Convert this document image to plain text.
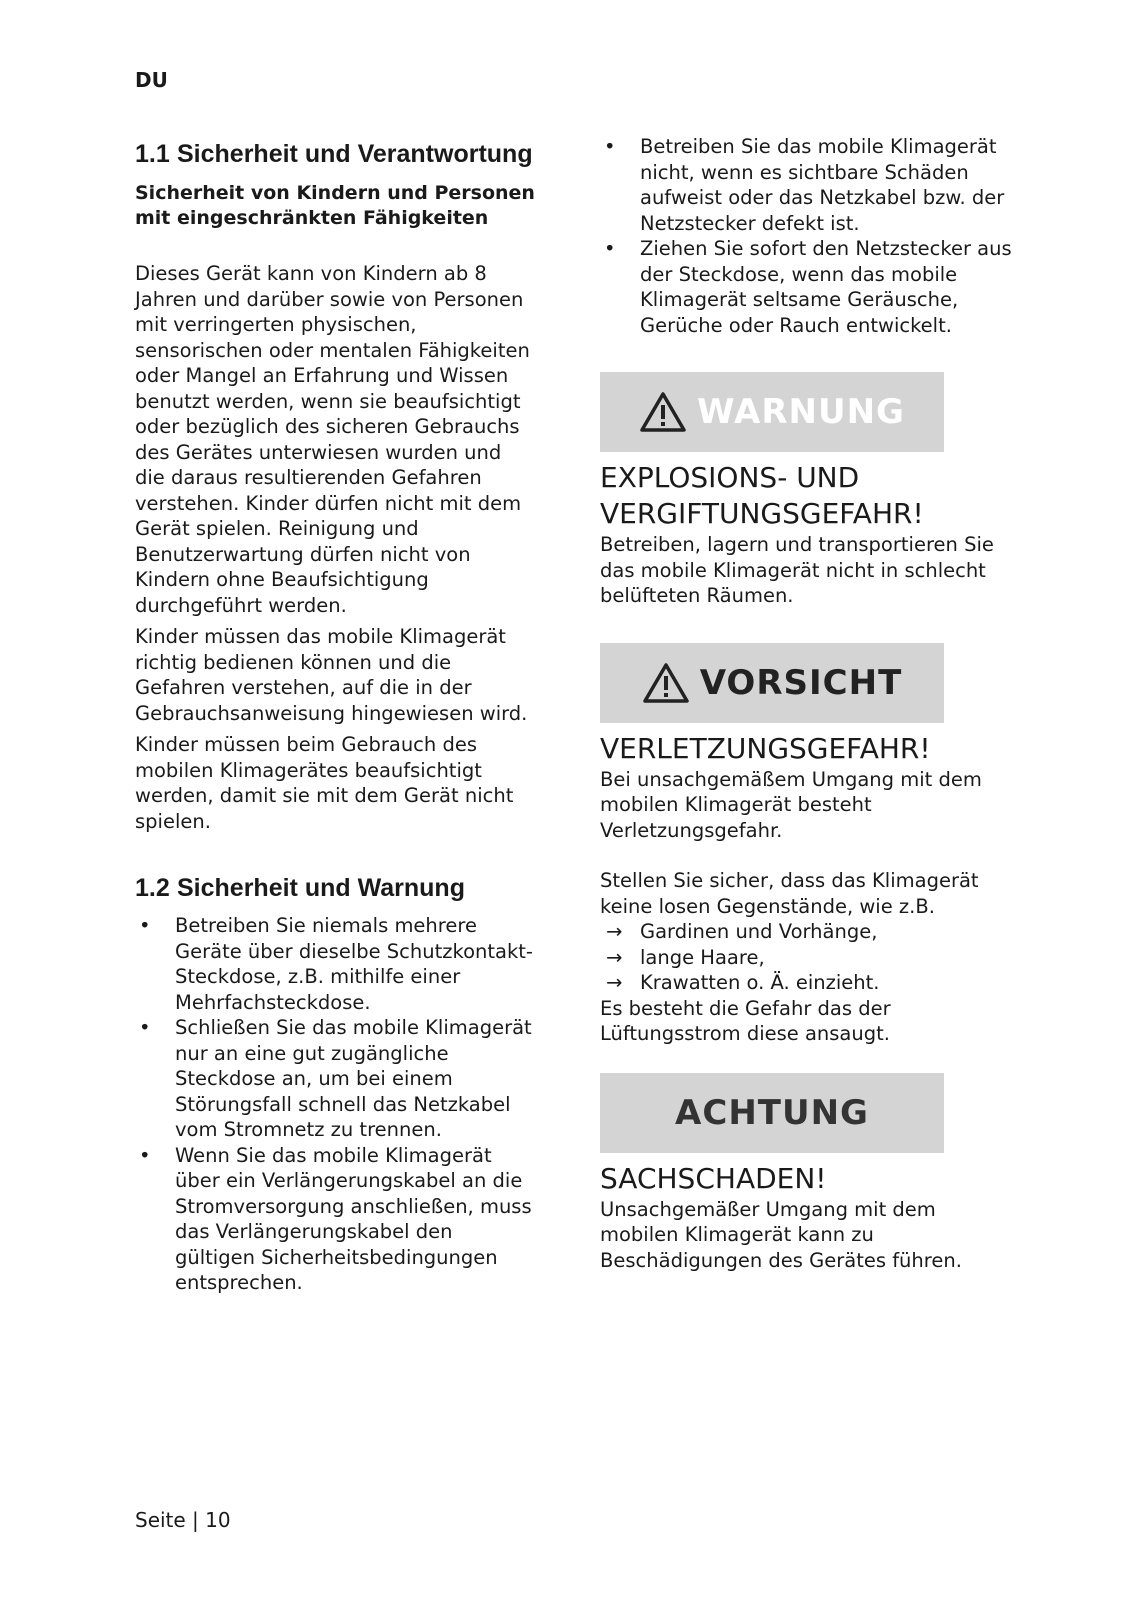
DU
1.1 Sicherheit und Verantwortung

Sicherheit von Kindern und Personen mit eingeschränkten Fähigkeiten

Dieses Gerät kann von Kindern ab 8 Jahren und darüber sowie von Personen mit verringerten physischen, sensorischen oder mentalen Fähigkeiten oder Mangel an Erfahrung und Wissen benutzt werden, wenn sie beaufsichtigt oder bezüglich des sicheren Gebrauchs des Gerätes unterwiesen wurden und die daraus resultierenden Gefahren verstehen. Kinder dürfen nicht mit dem Gerät spielen. Reinigung und Benutzerwartung dürfen nicht von Kindern ohne Beaufsichtigung durchgeführt werden.

Kinder müssen das mobile Klimagerät richtig bedienen können und die Gefahren verstehen, auf die in der Gebrauchsanweisung hingewiesen wird.

Kinder müssen beim Gebrauch des mobilen Klimagerätes beaufsichtigt werden, damit sie mit dem Gerät nicht spielen.

1.2 Sicherheit und Warnung
• Betreiben Sie niemals mehrere Geräte über dieselbe Schutzkontakt-Steckdose, z.B. mithilfe einer Mehrfachsteckdose.
• Schließen Sie das mobile Klimagerät nur an eine gut zugängliche Steckdose an, um bei einem Störungsfall schnell das Netzkabel vom Stromnetz zu trennen.
• Wenn Sie das mobile Klimagerät über ein Verlängerungskabel an die Stromversorgung anschließen, muss das Verlängerungskabel den gültigen Sicherheitsbedingungen entsprechen.
• Betreiben Sie das mobile Klimagerät nicht, wenn es sichtbare Schäden aufweist oder das Netzkabel bzw. der Netzstecker defekt ist.
• Ziehen Sie sofort den Netzstecker aus der Steckdose, wenn das mobile Klimagerät seltsame Geräusche, Gerüche oder Rauch entwickelt.
WARNUNG

EXPLOSIONS- UND VERGIFTUNGSGEFAHR!

Betreiben, lagern und transportieren Sie das mobile Klimagerät nicht in schlecht belüfteten Räumen.

VORSICHT

VERLETZUNGSGEFAHR!

Bei unsachgemäßem Umgang mit dem mobilen Klimagerät besteht Verletzungsgefahr.

Stellen Sie sicher, dass das Klimagerät keine losen Gegenstände, wie z.B.

→ Gardinen und Vorhänge,
→ lange Haare,
→ Krawatten o. Ä. einzieht.

Es besteht die Gefahr das der Lüftungsstrom diese ansaugt.

ACHTUNG

SACHSCHADEN!

Unsachgemäßer Umgang mit dem mobilen Klimagerät kann zu Beschädigungen des Gerätes führen.

Seite | 10
